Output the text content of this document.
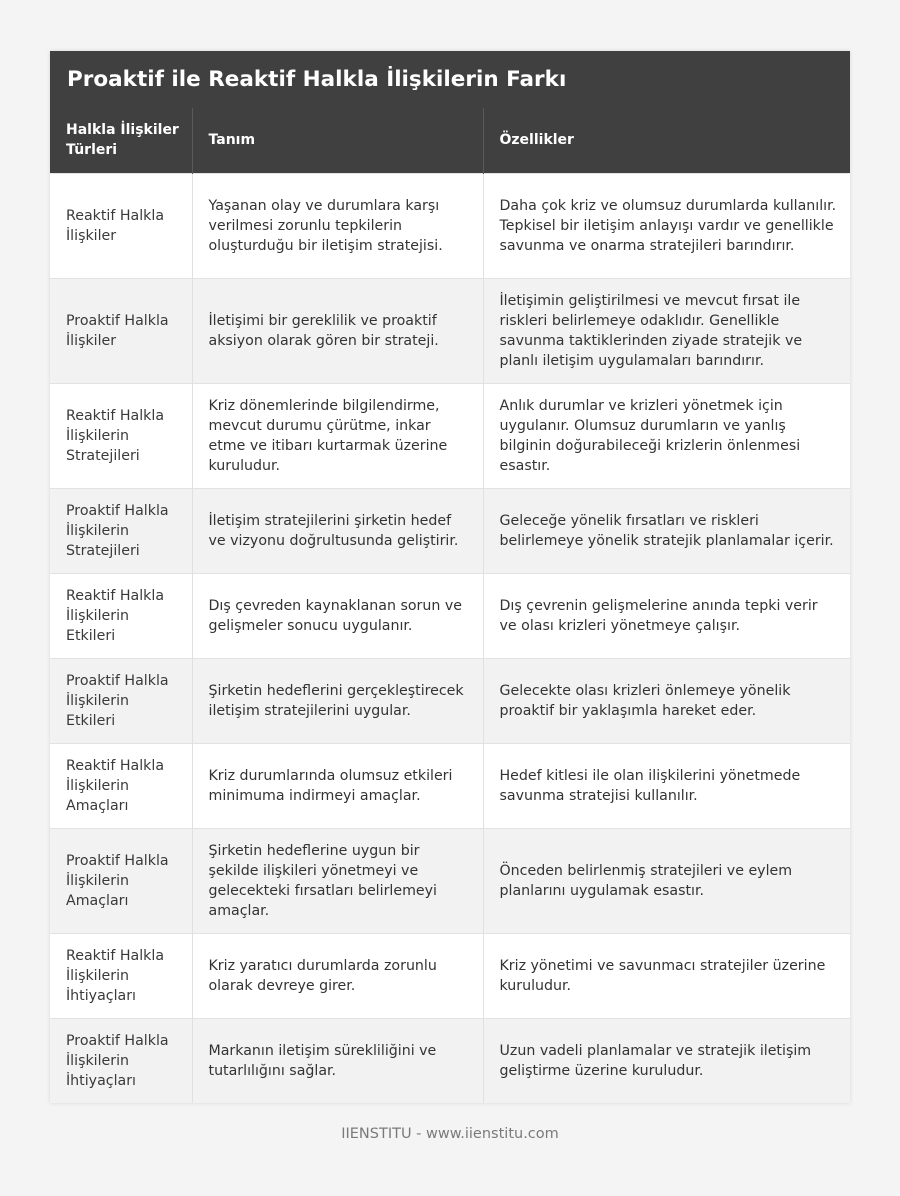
Proaktif ile Reaktif Halkla İlişkilerin Farkı
Halkla İlişkiler Türleri	Tanım	Özellikler
Reaktif Halkla İlişkiler	Yaşanan olay ve durumlara karşı verilmesi zorunlu tepkilerin oluşturduğu bir iletişim stratejisi.	Daha çok kriz ve olumsuz durumlarda kullanılır. Tepkisel bir iletişim anlayışı vardır ve genellikle savunma ve onarma stratejileri barındırır.
Proaktif Halkla İlişkiler	İletişimi bir gereklilik ve proaktif aksiyon olarak gören bir strateji.	İletişimin geliştirilmesi ve mevcut fırsat ile riskleri belirlemeye odaklıdır. Genellikle savunma taktiklerinden ziyade stratejik ve planlı iletişim uygulamaları barındırır.
Reaktif Halkla İlişkilerin Stratejileri	Kriz dönemlerinde bilgilendirme, mevcut durumu çürütme, inkar etme ve itibarı kurtarmak üzerine kuruludur.	Anlık durumlar ve krizleri yönetmek için uygulanır. Olumsuz durumların ve yanlış bilginin doğurabileceği krizlerin önlenmesi esastır.
Proaktif Halkla İlişkilerin Stratejileri	İletişim stratejilerini şirketin hedef ve vizyonu doğrultusunda geliştirir.	Geleceğe yönelik fırsatları ve riskleri belirlemeye yönelik stratejik planlamalar içerir.
Reaktif Halkla İlişkilerin Etkileri	Dış çevreden kaynaklanan sorun ve gelişmeler sonucu uygulanır.	Dış çevrenin gelişmelerine anında tepki verir ve olası krizleri yönetmeye çalışır.
Proaktif Halkla İlişkilerin Etkileri	Şirketin hedeflerini gerçekleştirecek iletişim stratejilerini uygular.	Gelecekte olası krizleri önlemeye yönelik proaktif bir yaklaşımla hareket eder.
Reaktif Halkla İlişkilerin Amaçları	Kriz durumlarında olumsuz etkileri minimuma indirmeyi amaçlar.	Hedef kitlesi ile olan ilişkilerini yönetmede savunma stratejisi kullanılır.
Proaktif Halkla İlişkilerin Amaçları	Şirketin hedeflerine uygun bir şekilde ilişkileri yönetmeyi ve gelecekteki fırsatları belirlemeyi amaçlar.	Önceden belirlenmiş stratejileri ve eylem planlarını uygulamak esastır.
Reaktif Halkla İlişkilerin İhtiyaçları	Kriz yaratıcı durumlarda zorunlu olarak devreye girer.	Kriz yönetimi ve savunmacı stratejiler üzerine kuruludur.
Proaktif Halkla İlişkilerin İhtiyaçları	Markanın iletişim sürekliliğini ve tutarlılığını sağlar.	Uzun vadeli planlamalar ve stratejik iletişim geliştirme üzerine kuruludur.
IIENSTITU - www.iienstitu.com
